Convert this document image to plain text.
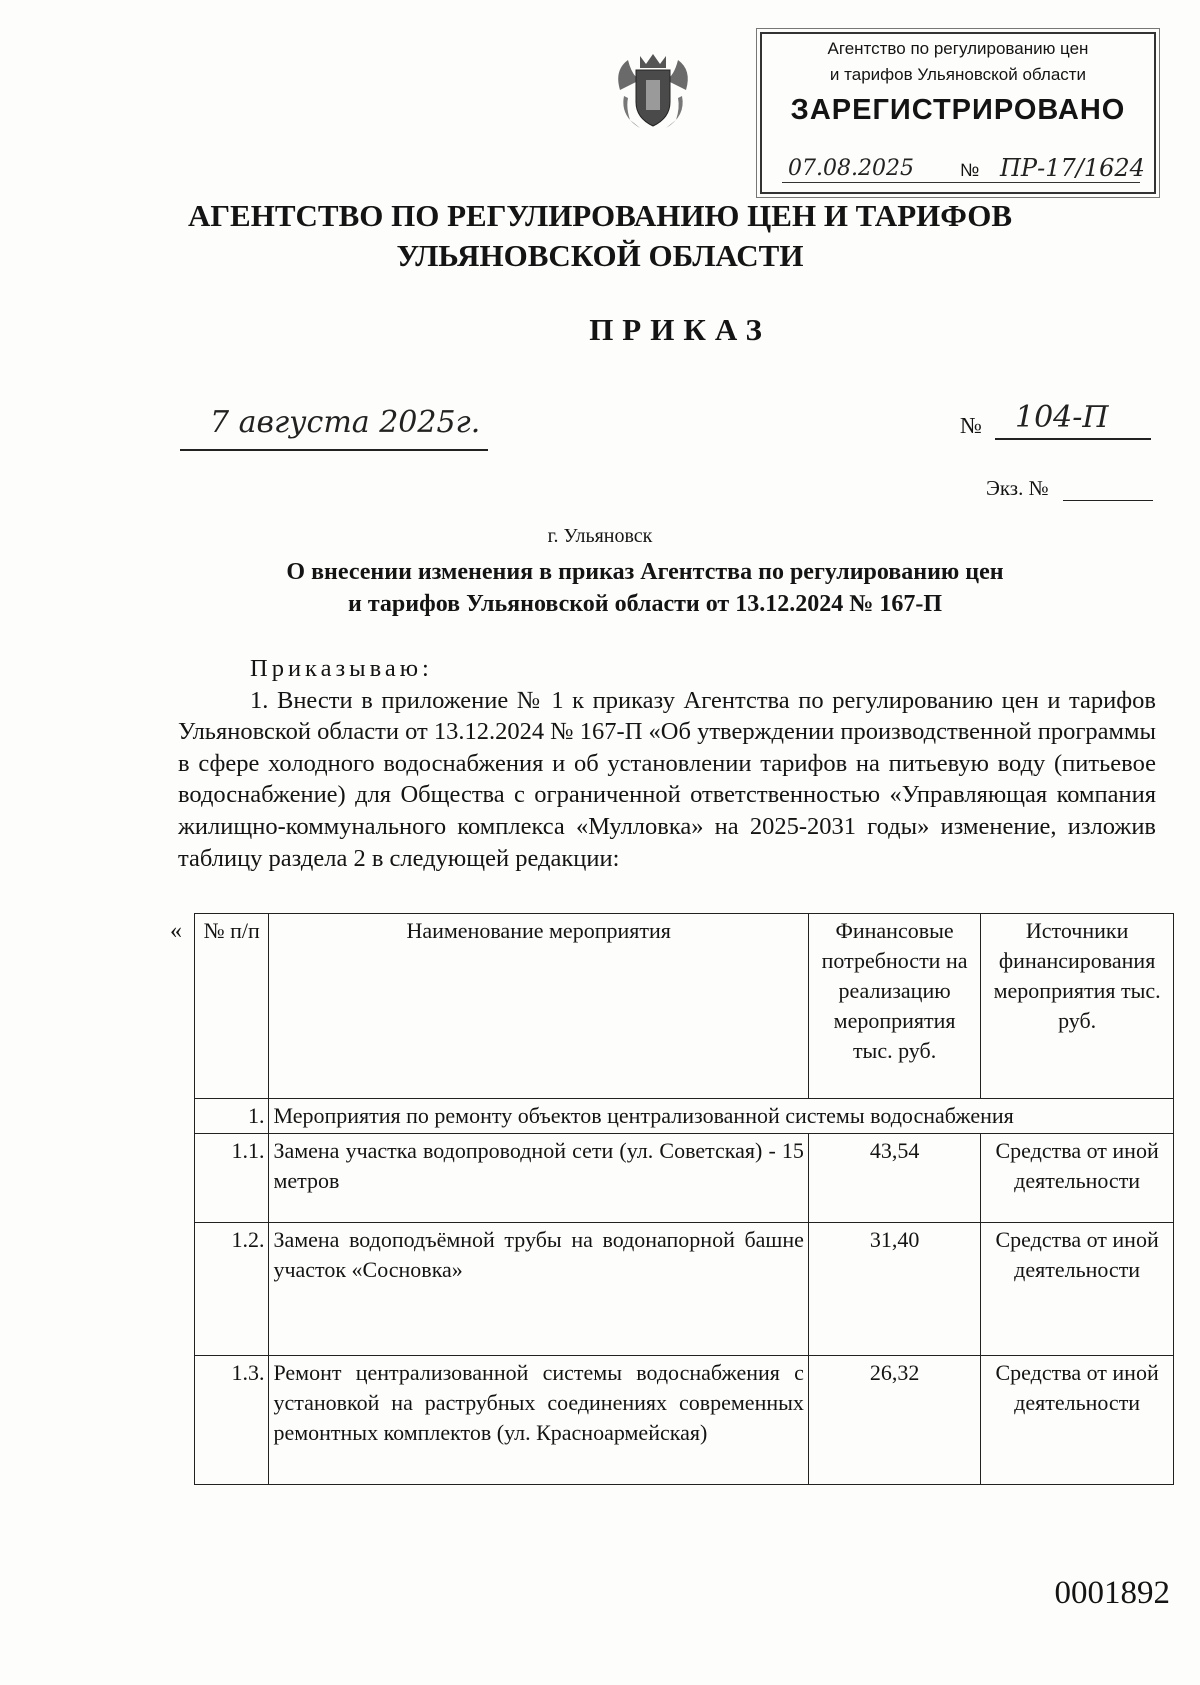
Агентство по регулированию цен
и тарифов Ульяновской области
ЗАРЕГИСТРИРОВАНО
07.08.2025	№ ПР-17/1624
АГЕНТСТВО ПО РЕГУЛИРОВАНИЮ ЦЕН И ТАРИФОВ
УЛЬЯНОВСКОЙ ОБЛАСТИ
ПРИКАЗ
7 августа 2025г.	№ 104-П
Экз. №
г. Ульяновск
О внесении изменения в приказ Агентства по регулированию цен
и тарифов Ульяновской области от 13.12.2024 № 167-П

Приказываю:

1. Внести в приложение № 1 к приказу Агентства по регулированию цен и тарифов Ульяновской области от 13.12.2024 № 167-П «Об утверждении производственной программы в сфере холодного водоснабжения и об установлении тарифов на питьевую воду (питьевое водоснабжение) для Общества с ограниченной ответственностью «Управляющая компания жилищно-коммунального комплекса «Мулловка» на 2025-2031 годы» изменение, изложив таблицу раздела 2 в следующей редакции:

« № п/п	Наименование мероприятия	Финансовые потребности на реализацию мероприятия тыс. руб.	Источники финансирования мероприятия тыс. руб.
1.	Мероприятия по ремонту объектов централизованной системы водоснабжения		
1.1.	Замена участка водопроводной сети (ул. Советская) - 15 метров	43,54	Средства от иной деятельности
1.2.	Замена водоподъёмной трубы на водонапорной башне участок «Сосновка»	31,40	Средства от иной деятельности
1.3.	Ремонт централизованной системы водоснабжения с установкой на раструбных соединениях современных ремонтных комплектов (ул. Красноармейская)	26,32	Средства от иной деятельности
0001892
